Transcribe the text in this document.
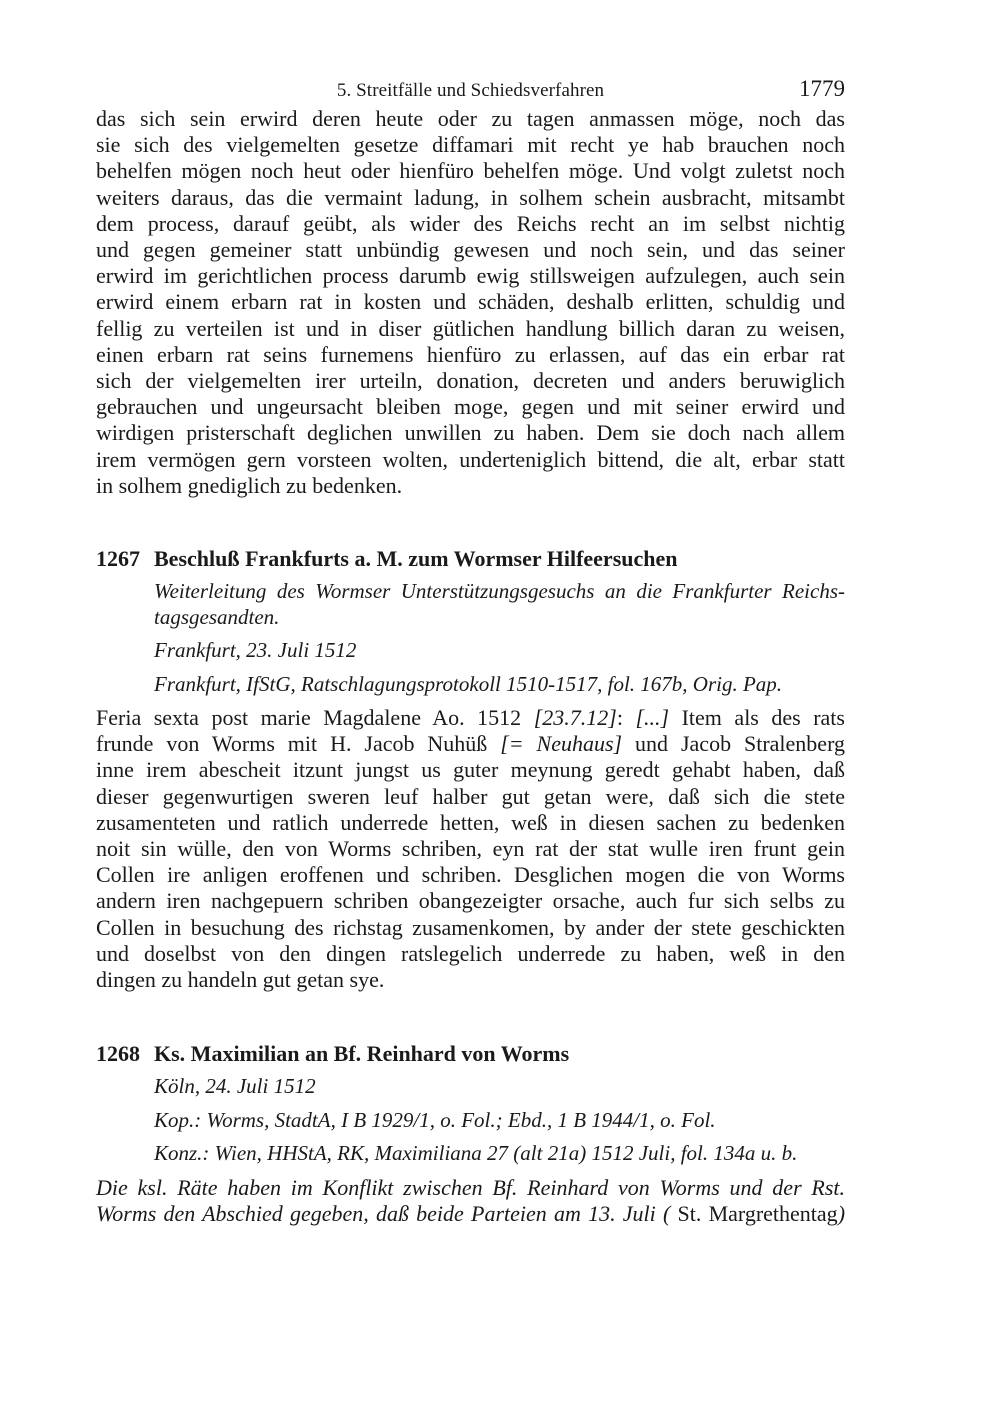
5. Streitfälle und Schiedsverfahren	1779
das sich sein erwird deren heute oder zu tagen anmassen möge, noch das
sie sich des vielgemelten gesetze diffamari mit recht ye hab brauchen noch
behelfen mögen noch heut oder hienfüro behelfen möge. Und volgt zuletst noch
weiters daraus, das die vermaint ladung, in solhem schein ausbracht, mitsambt
dem process, darauf geübt, als wider des Reichs recht an im selbst nichtig
und gegen gemeiner statt unbündig gewesen und noch sein, und das seiner
erwird im gerichtlichen process darumb ewig stillsweigen aufzulegen, auch sein
erwird einem erbarn rat in kosten und schäden, deshalb erlitten, schuldig und
fellig zu verteilen ist und in diser gütlichen handlung billich daran zu weisen,
einen erbarn rat seins furnemens hienfüro zu erlassen, auf das ein erbar rat
sich der vielgemelten irer urteiln, donation, decreten und anders beruwiglich
gebrauchen und ungeursacht bleiben moge, gegen und mit seiner erwird und
wirdigen pristerschaft deglichen unwillen zu haben. Dem sie doch nach allem
irem vermögen gern vorsteen wolten, underteniglich bittend, die alt, erbar statt
in solhem gnediglich zu bedenken.
1267 Beschluß Frankfurts a. M. zum Wormser Hilfeersuchen
Weiterleitung des Wormser Unterstützungsgesuchs an die Frankfurter Reichs-
tagsgesandten.
Frankfurt, 23. Juli 1512
Frankfurt, IfStG, Ratschlagungsprotokoll 1510-1517, fol. 167b, Orig. Pap.
Feria sexta post marie Magdalene Ao. 1512 [23.7.12]: [...] Item als des rats
frunde von Worms mit H. Jacob Nuhüß [= Neuhaus] und Jacob Stralenberg
inne irem abescheit itzunt jungst us guter meynung geredt gehabt haben, daß
dieser gegenwurtigen sweren leuf halber gut getan were, daß sich die stete
zusamenteten und ratlich underrede hetten, weß in diesen sachen zu bedenken
noit sin wülle, den von Worms schriben, eyn rat der stat wulle iren frunt gein
Collen ire anligen eroffenen und schriben. Desglichen mogen die von Worms
andern iren nachgepuern schriben obangezeigter orsache, auch fur sich selbs zu
Collen in besuchung des richstag zusamenkomen, by ander der stete geschickten
und doselbst von den dingen ratslegelich underrede zu haben, weß in den
dingen zu handeln gut getan sye.
1268 Ks. Maximilian an Bf. Reinhard von Worms
Köln, 24. Juli 1512
Kop.: Worms, StadtA, I B 1929/1, o. Fol.; Ebd., 1 B 1944/1, o. Fol.
Konz.: Wien, HHStA, RK, Maximiliana 27 (alt 21a) 1512 Juli, fol. 134a u. b.
Die ksl. Räte haben im Konflikt zwischen Bf. Reinhard von Worms und der Rst.
Worms den Abschied gegeben, daß beide Parteien am 13. Juli ( St. Margrethentag)
